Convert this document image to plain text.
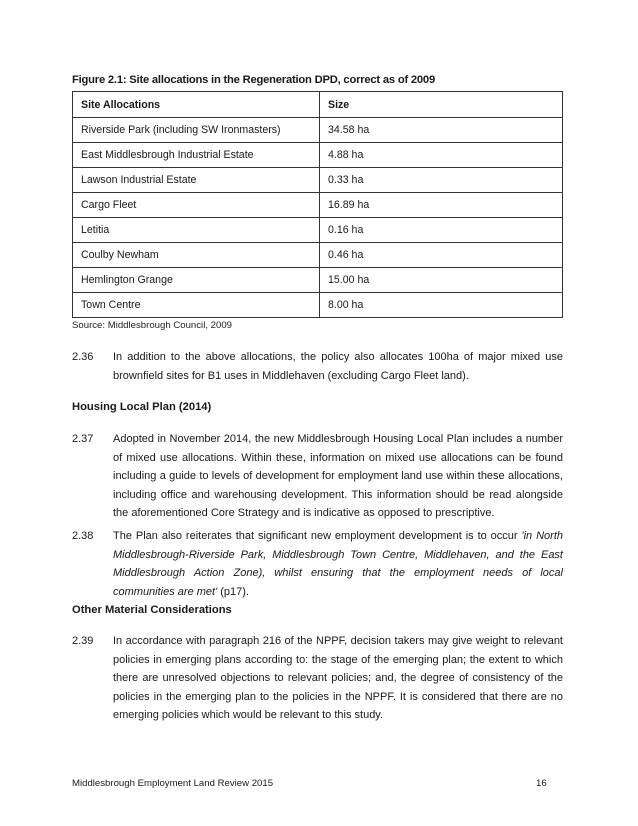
Figure 2.1: Site allocations in the Regeneration DPD, correct as of 2009
Site Allocations	Size
Riverside Park (including SW Ironmasters)	34.58 ha
East Middlesbrough Industrial Estate	4.88 ha
Lawson Industrial Estate	0.33 ha
Cargo Fleet	16.89 ha
Letitia	0.16 ha
Coulby Newham	0.46 ha
Hemlington Grange	15.00 ha
Town Centre	8.00 ha
Source: Middlesbrough Council, 2009
2.36 In addition to the above allocations, the policy also allocates 100ha of major mixed use brownfield sites for B1 uses in Middlehaven (excluding Cargo Fleet land).
Housing Local Plan (2014)
2.37 Adopted in November 2014, the new Middlesbrough Housing Local Plan includes a number of mixed use allocations. Within these, information on mixed use allocations can be found including a guide to levels of development for employment land use within these allocations, including office and warehousing development. This information should be read alongside the aforementioned Core Strategy and is indicative as opposed to prescriptive.
2.38 The Plan also reiterates that significant new employment development is to occur 'in North Middlesbrough-Riverside Park, Middlesbrough Town Centre, Middlehaven, and the East Middlesbrough Action Zone), whilst ensuring that the employment needs of local communities are met' (p17).
Other Material Considerations
2.39 In accordance with paragraph 216 of the NPPF, decision takers may give weight to relevant policies in emerging plans according to: the stage of the emerging plan; the extent to which there are unresolved objections to relevant policies; and, the degree of consistency of the policies in the emerging plan to the policies in the NPPF. It is considered that there are no emerging policies which would be relevant to this study.
Middlesbrough Employment Land Review 2015	16
